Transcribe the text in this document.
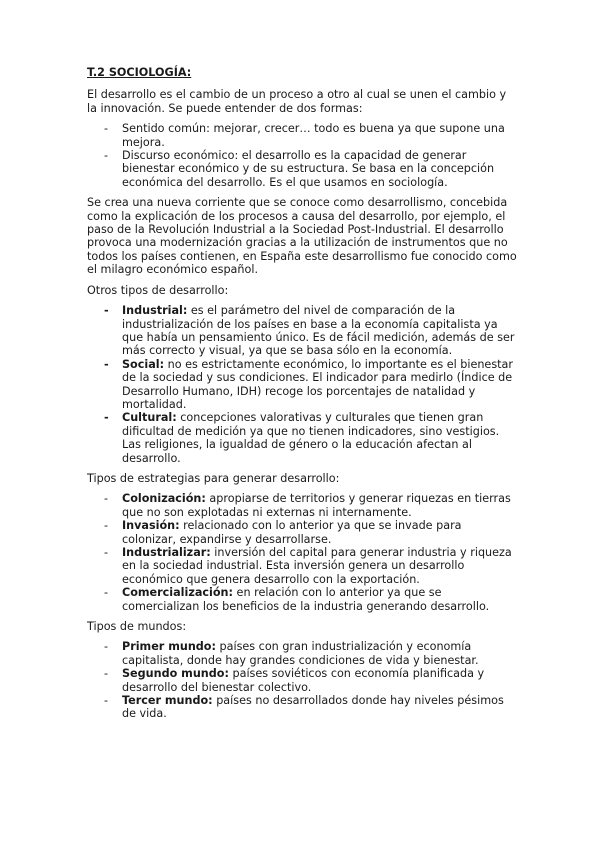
T.2 SOCIOLOGÍA:

El desarrollo es el cambio de un proceso a otro al cual se unen el cambio y la innovación. Se puede entender de dos formas:

- Sentido común: mejorar, crecer… todo es buena ya que supone una mejora.
- Discurso económico: el desarrollo es la capacidad de generar bienestar económico y de su estructura. Se basa en la concepción económica del desarrollo. Es el que usamos en sociología.

Se crea una nueva corriente que se conoce como desarrollismo, concebida como la explicación de los procesos a causa del desarrollo, por ejemplo, el paso de la Revolución Industrial a la Sociedad Post-Industrial. El desarrollo provoca una modernización gracias a la utilización de instrumentos que no todos los países contienen, en España este desarrollismo fue conocido como el milagro económico español.

Otros tipos de desarrollo:

- Industrial: es el parámetro del nivel de comparación de la industrialización de los países en base a la economía capitalista ya que había un pensamiento único. Es de fácil medición, además de ser más correcto y visual, ya que se basa sólo en la economía.
- Social: no es estrictamente económico, lo importante es el bienestar de la sociedad y sus condiciones. El indicador para medirlo (Índice de Desarrollo Humano, IDH) recoge los porcentajes de natalidad y mortalidad.
- Cultural: concepciones valorativas y culturales que tienen gran dificultad de medición ya que no tienen indicadores, sino vestigios. Las religiones, la igualdad de género o la educación afectan al desarrollo.

Tipos de estrategias para generar desarrollo:

- Colonización: apropiarse de territorios y generar riquezas en tierras que no son explotadas ni externas ni internamente.
- Invasión: relacionado con lo anterior ya que se invade para colonizar, expandirse y desarrollarse.
- Industrializar: inversión del capital para generar industria y riqueza en la sociedad industrial. Esta inversión genera un desarrollo económico que genera desarrollo con la exportación.
- Comercialización: en relación con lo anterior ya que se comercializan los beneficios de la industria generando desarrollo.

Tipos de mundos:

- Primer mundo: países con gran industrialización y economía capitalista, donde hay grandes condiciones de vida y bienestar.
- Segundo mundo: países soviéticos con economía planificada y desarrollo del bienestar colectivo.
- Tercer mundo: países no desarrollados donde hay niveles pésimos de vida.
